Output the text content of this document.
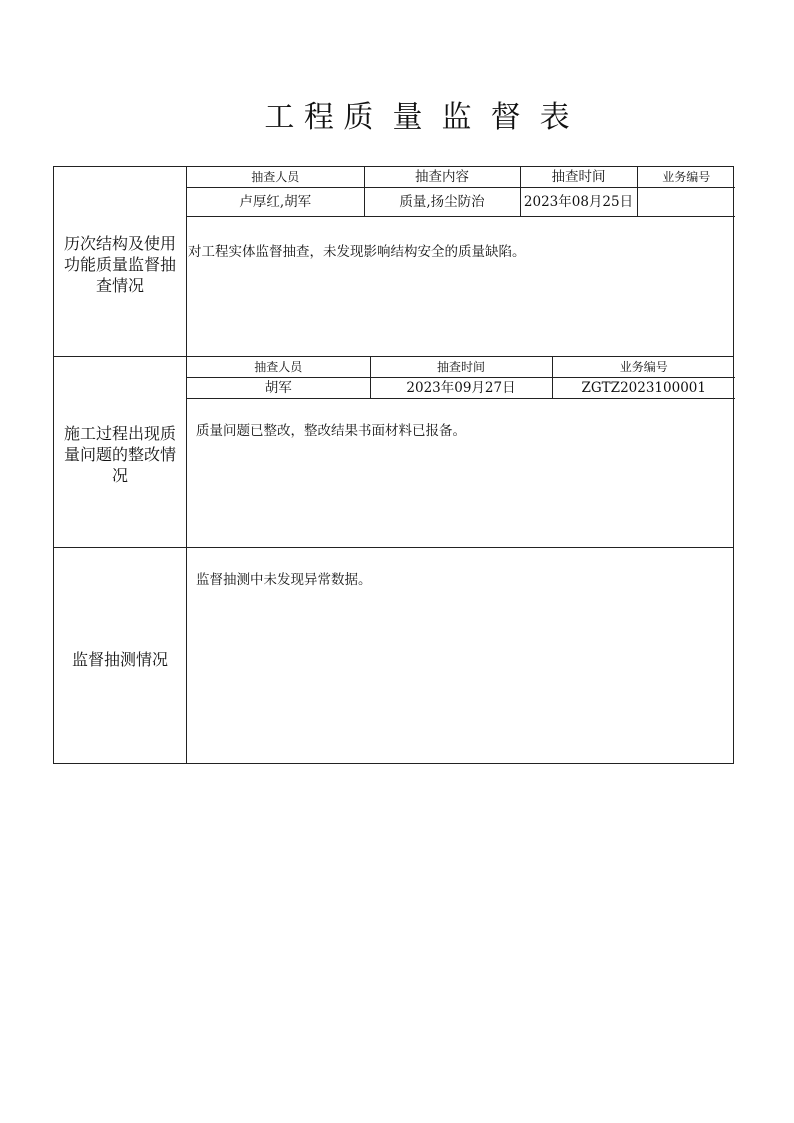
工 程 质  量  监  督  表
历次结构及使用功能质量监督抽查情况
抽查人员	抽查内容	抽查时间	业务编号
卢厚红,胡军	质量,扬尘防治	2023年08月25日	
对工程实体监督抽查，未发现影响结构安全的质量缺陷。
施工过程出现质量问题的整改情况
抽查人员	抽查时间	业务编号
胡军	2023年09月27日	ZGTZ2023100001
质量问题已整改，整改结果书面材料已报备。
监督抽测情况
监督抽测中未发现异常数据。
